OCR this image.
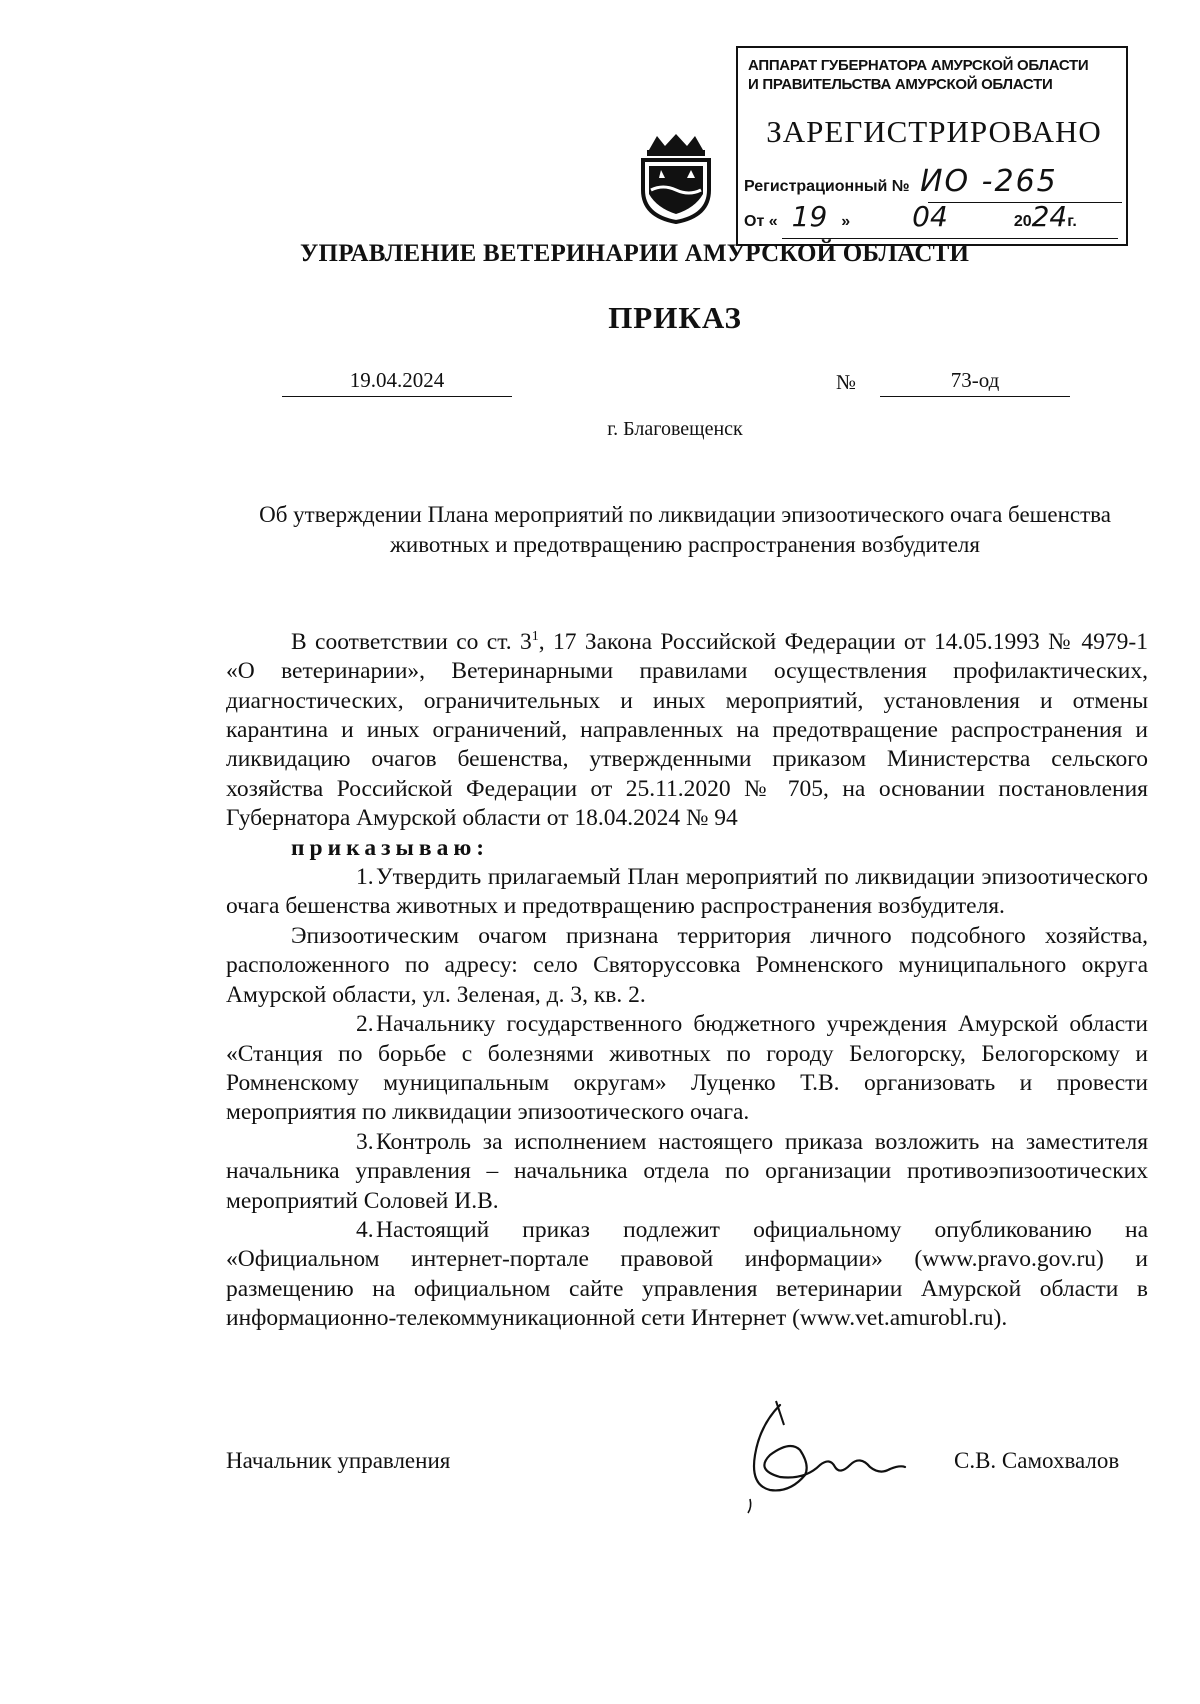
АППАРАТ ГУБЕРНАТОРА АМУРСКОЙ ОБЛАСТИ
И ПРАВИТЕЛЬСТВА АМУРСКОЙ ОБЛАСТИ
ЗАРЕГИСТРИРОВАНО
Регистрационный № ИО -265
От « 19 » 04	2024г.
УПРАВЛЕНИЕ ВЕТЕРИНАРИИ АМУРСКОЙ ОБЛАСТИ
ПРИКАЗ
19.04.2024	№	73-од
г. Благовещенск
Об утверждении Плана мероприятий по ликвидации эпизоотического очага бешенства животных и предотвращению распространения возбудителя

В соответствии со ст. $3^1$, 17 Закона Российской Федерации от 14.05.1993 № 4979-1 «О ветеринарии», Ветеринарными правилами осуществления профилактических, диагностических, ограничительных и иных мероприятий, установления и отмены карантина и иных ограничений, направленных на предотвращение распространения и ликвидацию очагов бешенства, утвержденными приказом Министерства сельского хозяйства Российской Федерации от 25.11.2020 № 705, на основании постановления Губернатора Амурской области от 18.04.2024 № 94

приказываю:

1. Утвердить прилагаемый План мероприятий по ликвидации эпизоотического очага бешенства животных и предотвращению распространения возбудителя.

Эпизоотическим очагом признана территория личного подсобного хозяйства, расположенного по адресу: село Святоруссовка Ромненского муниципального округа Амурской области, ул. Зеленая, д. 3, кв. 2.

2. Начальнику государственного бюджетного учреждения Амурской области «Станция по борьбе с болезнями животных по городу Белогорску, Белогорскому и Ромненскому муниципальным округам» Луценко Т.В. организовать и провести мероприятия по ликвидации эпизоотического очага.

3. Контроль за исполнением настоящего приказа возложить на заместителя начальника управления – начальника отдела по организации противоэпизоотических мероприятий Соловей И.В.

4. Настоящий приказ подлежит официальному опубликованию на «Официальном интернет-портале правовой информации» (www.pravo.gov.ru) и размещению на официальном сайте управления ветеринарии Амурской области в информационно-телекоммуникационной сети Интернет (www.vet.amurobl.ru).

Начальник управления	С.В. Самохвалов
